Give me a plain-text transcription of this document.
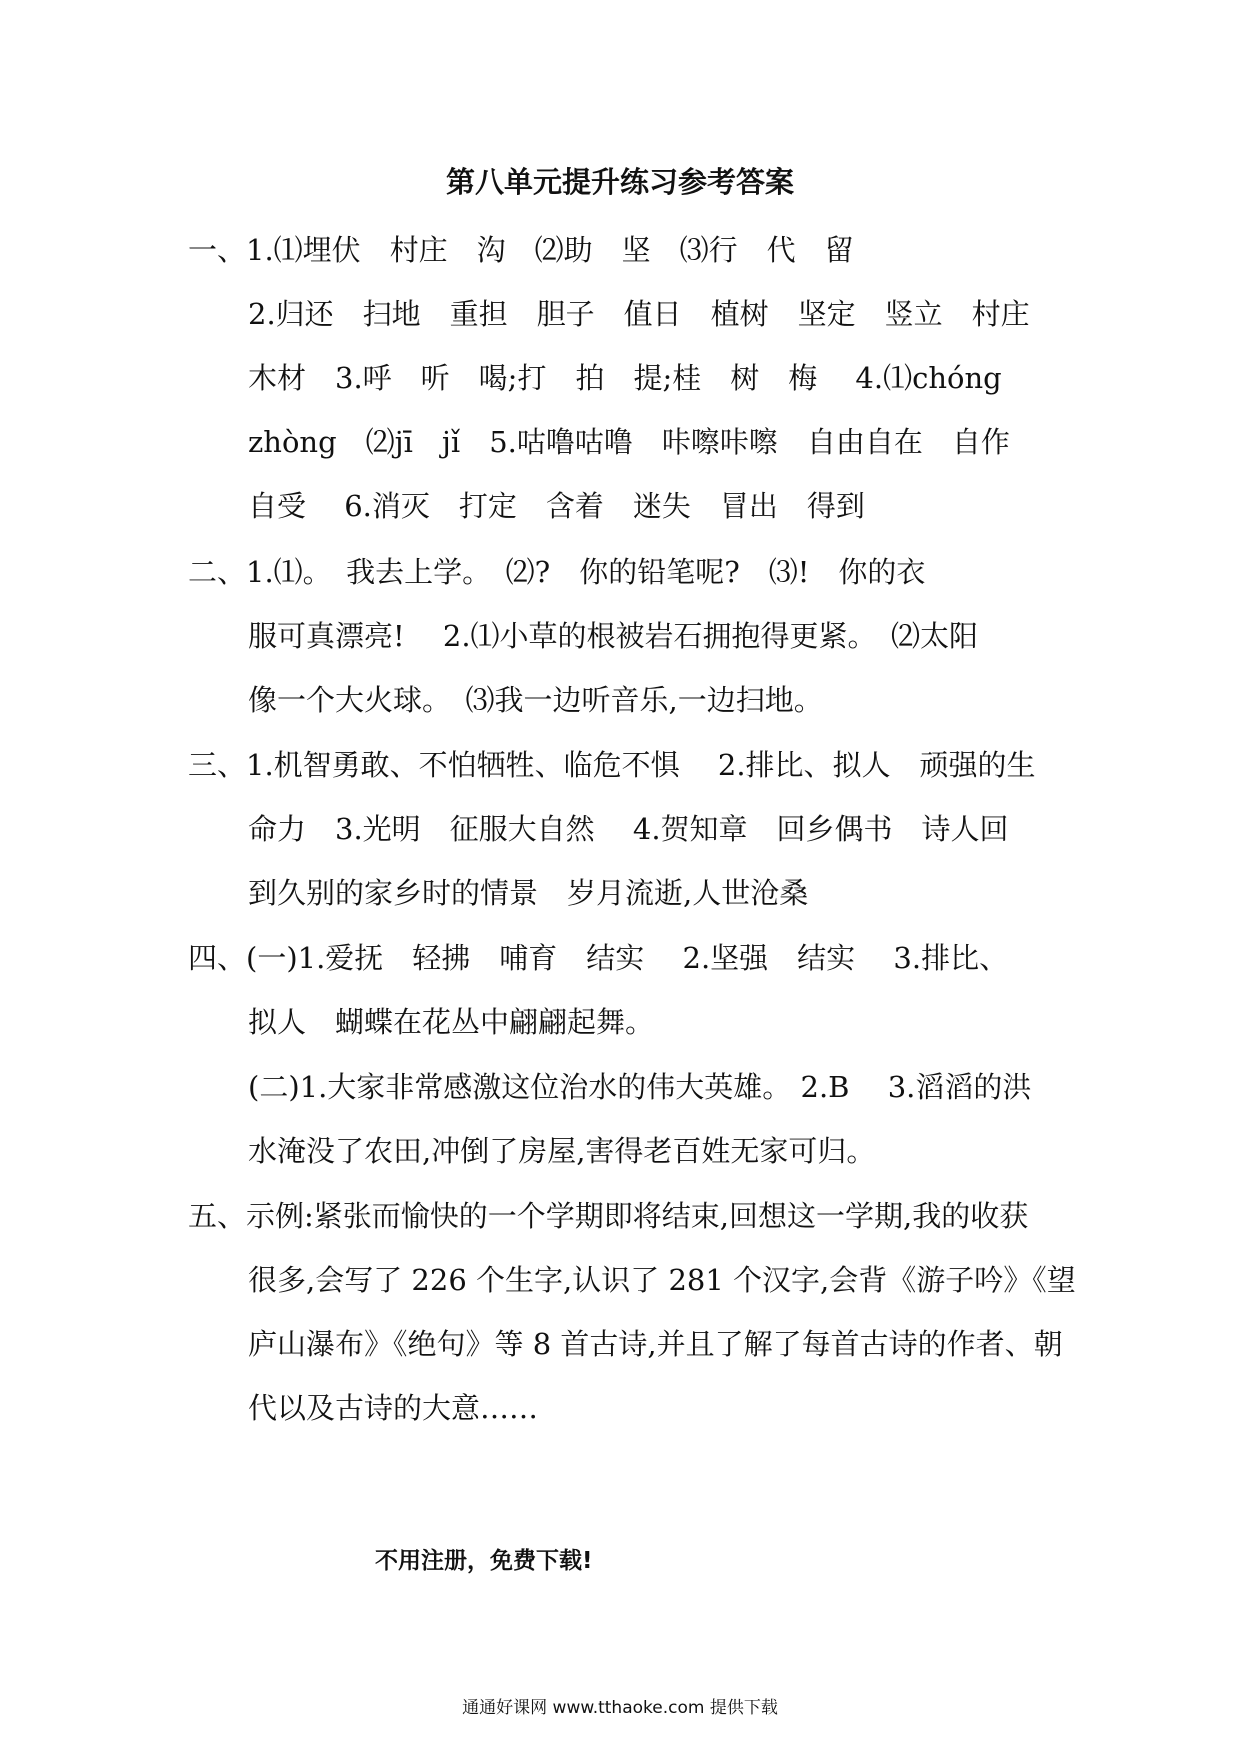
第八单元提升练习参考答案
一、1.⑴埋伏　村庄　沟　⑵助　坚　⑶行　代　留
2.归还　扫地　重担　胆子　值日　植树　坚定　竖立　村庄
木材　3.呼　听　喝;打　拍　提;桂　树　梅　 4.⑴chóng
zhòng　⑵jī　jǐ　5.咕噜咕噜　咔嚓咔嚓　自由自在　自作
自受　 6.消灭　打定　含着　迷失　冒出　得到
二、1.⑴。　我去上学。　⑵?　你的铅笔呢?　⑶!　你的衣
服可真漂亮!　 2.⑴小草的根被岩石拥抱得更紧。　⑵太阳
像一个大火球。　⑶我一边听音乐,一边扫地。
三、1.机智勇敢、不怕牺牲、临危不惧　 2.排比、拟人　顽强的生
命力　3.光明　征服大自然　 4.贺知章　回乡偶书　诗人回
到久别的家乡时的情景　岁月流逝,人世沧桑
四、(一)1.爱抚　轻拂　哺育　结实　 2.坚强　结实　 3.排比、
拟人　蝴蝶在花丛中翩翩起舞。
(二)1.大家非常感激这位治水的伟大英雄。 2.B　 3.滔滔的洪
水淹没了农田,冲倒了房屋,害得老百姓无家可归。
五、示例:紧张而愉快的一个学期即将结束,回想这一学期,我的收获
很多,会写了 226 个生字,认识了 281 个汉字,会背《游子吟》《望
庐山瀑布》《绝句》等 8 首古诗,并且了解了每首古诗的作者、朝
代以及古诗的大意……
不用注册，免费下载!
通通好课网 www.tthaoke.com 提供下载
